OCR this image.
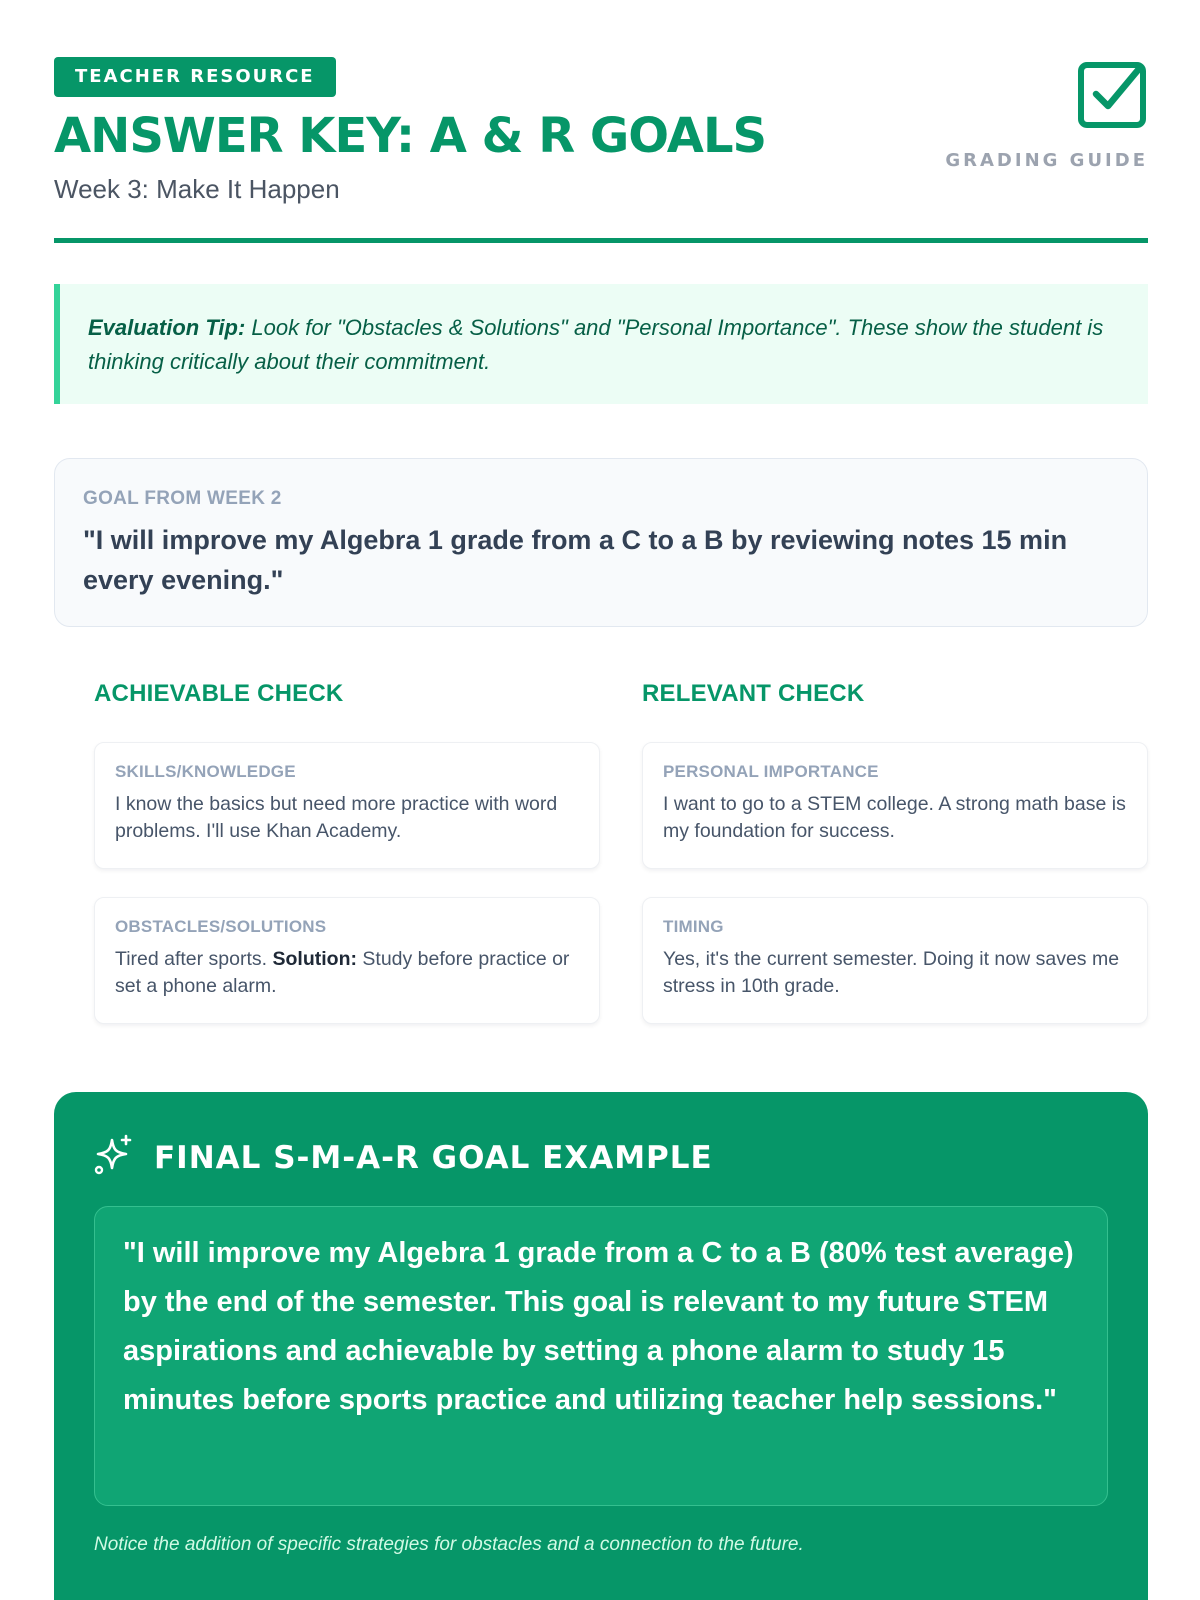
TEACHER RESOURCE
ANSWER KEY: A & R GOALS
Week 3: Make It Happen
GRADING GUIDE
Evaluation Tip: Look for "Obstacles & Solutions" and "Personal Importance". These show the student is thinking critically about their commitment.
GOAL FROM WEEK 2
"I will improve my Algebra 1 grade from a C to a B by reviewing notes 15 min every evening."
ACHIEVABLE CHECK
SKILLS/KNOWLEDGE
I know the basics but need more practice with word problems. I'll use Khan Academy.
OBSTACLES/SOLUTIONS
Tired after sports. Solution: Study before practice or set a phone alarm.
RELEVANT CHECK
PERSONAL IMPORTANCE
I want to go to a STEM college. A strong math base is my foundation for success.
TIMING
Yes, it's the current semester. Doing it now saves me stress in 10th grade.
FINAL S-M-A-R GOAL EXAMPLE
"I will improve my Algebra 1 grade from a C to a B (80% test average) by the end of the semester. This goal is relevant to my future STEM aspirations and achievable by setting a phone alarm to study 15 minutes before sports practice and utilizing teacher help sessions."
Notice the addition of specific strategies for obstacles and a connection to the future.
